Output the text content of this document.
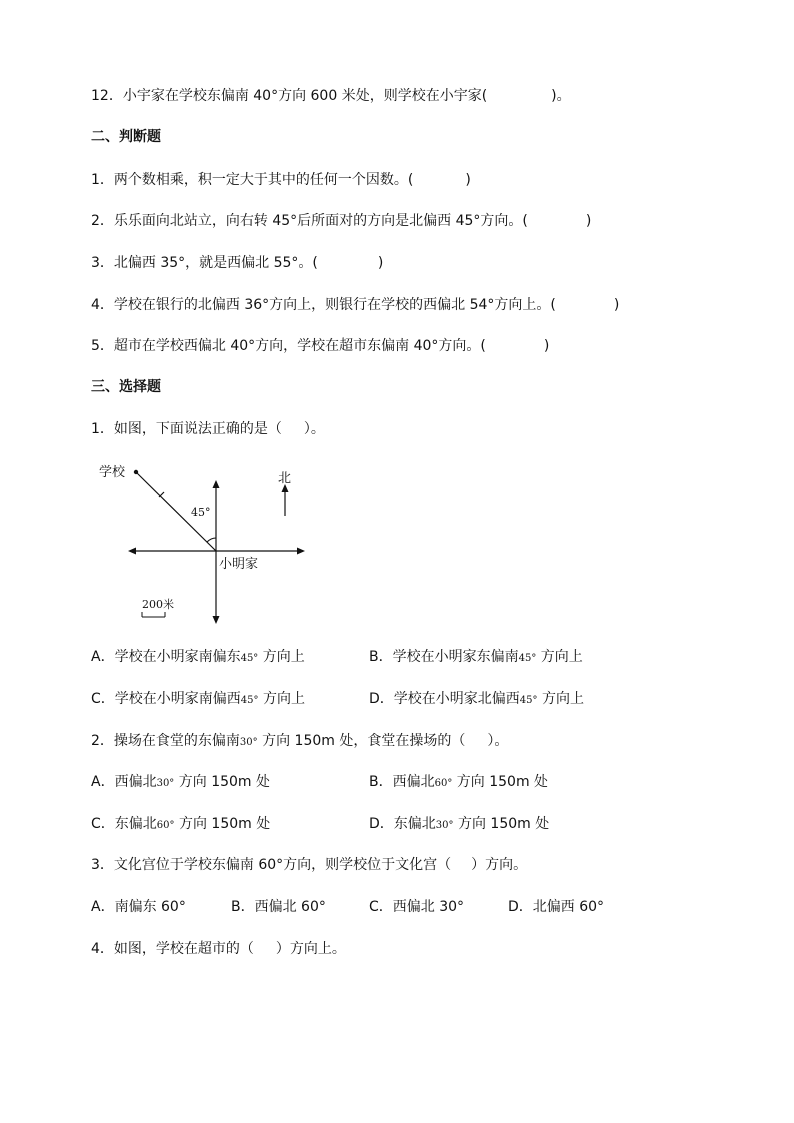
12．小宇家在学校东偏南 40°方向 600 米处，则学校在小宇家(	)。
二、判断题
1．两个数相乘，积一定大于其中的任何一个因数。(	)
2．乐乐面向北站立，向右转 45°后所面对的方向是北偏西 45°方向。(	)
3．北偏西 35°，就是西偏北 55°。(	)
4．学校在银行的北偏西 36°方向上，则银行在学校的西偏北 54°方向上。(	)
5．超市在学校西偏北 40°方向，学校在超市东偏南 40°方向。(	)
三、选择题
1．如图，下面说法正确的是（ ）。
学校
小明家
45°
北
200米
A．学校在小明家南偏东45° 方向上	B．学校在小明家东偏南45° 方向上
C．学校在小明家南偏西45° 方向上	D．学校在小明家北偏西45° 方向上
2．操场在食堂的东偏南30° 方向 150m 处，食堂在操场的（ ）。
A．西偏北30° 方向 150m 处	B．西偏北60° 方向 150m 处
C．东偏北60° 方向 150m 处	D．东偏北30° 方向 150m 处
3．文化宫位于学校东偏南 60°方向，则学校位于文化宫（ ）方向。
A．南偏东 60°	B．西偏北 60°	C．西偏北 30°	D．北偏西 60°
4．如图，学校在超市的（ ）方向上。
